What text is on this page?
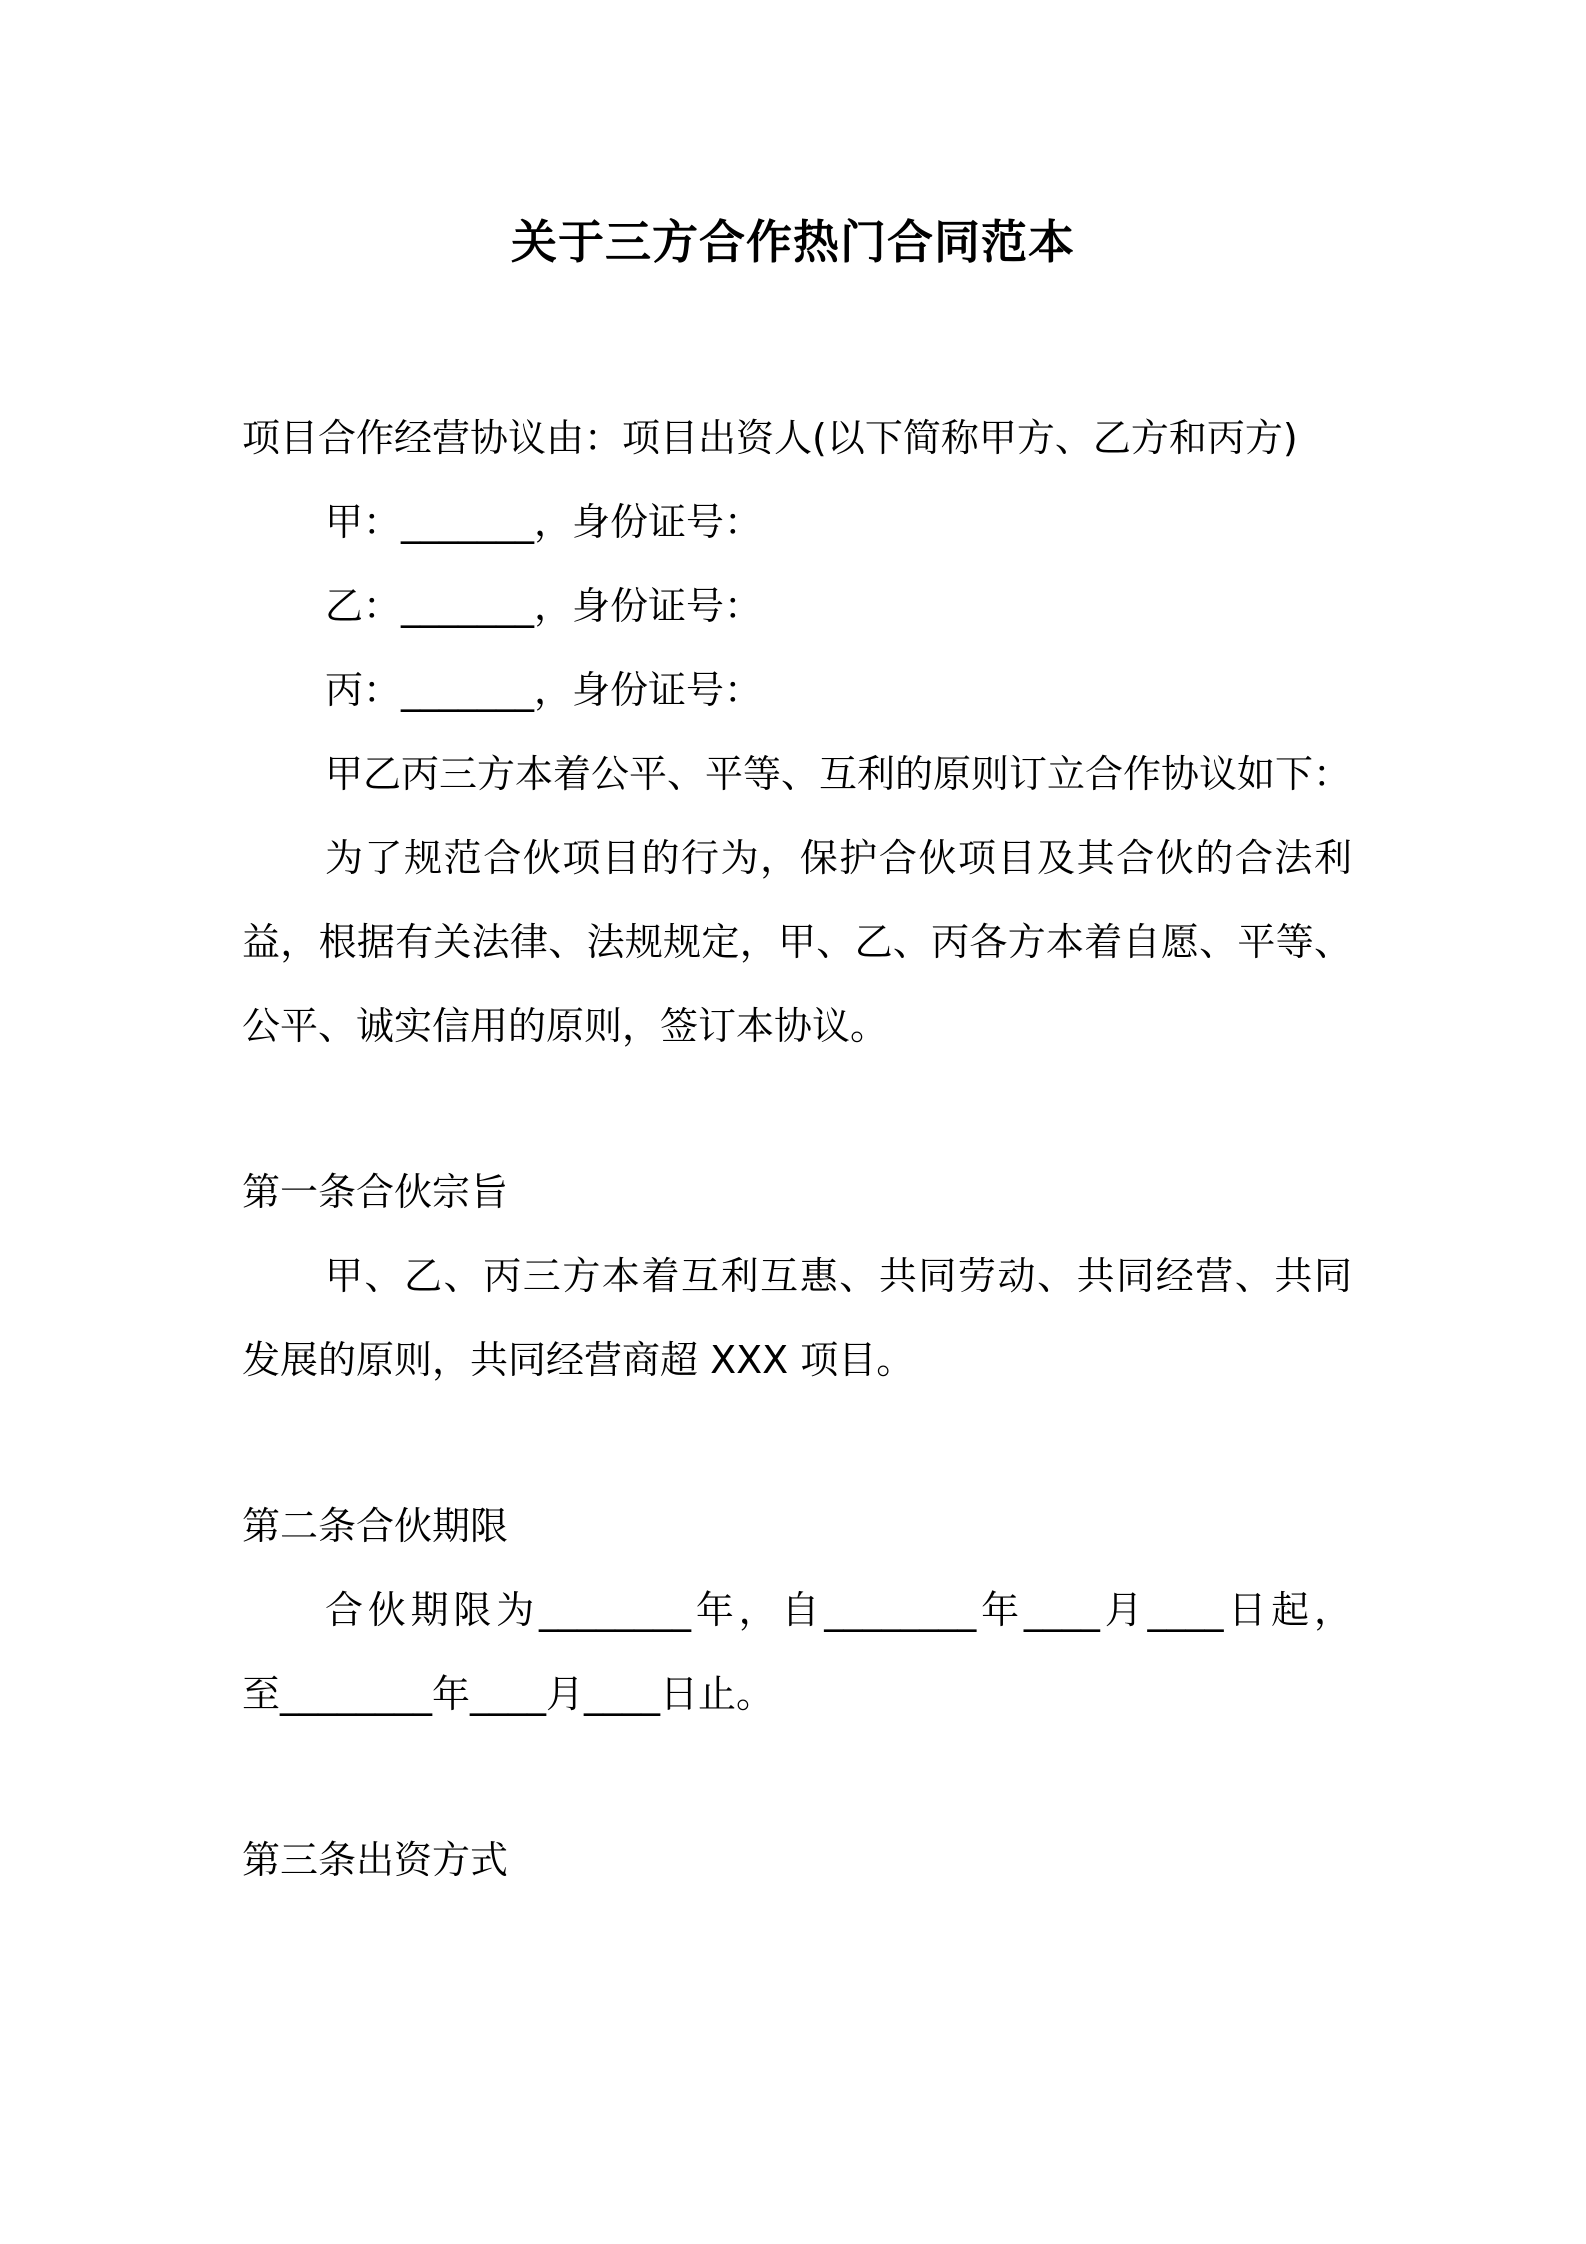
关于三方合作热门合同范本
项目合作经营协议由：项目出资人(以下简称甲方、乙方和丙方)
甲：_______，身份证号：
乙：_______，身份证号：
丙：_______，身份证号：
甲乙丙三方本着公平、平等、互利的原则订立合作协议如下：
为了规范合伙项目的行为，保护合伙项目及其合伙的合法利
益，根据有关法律、法规规定，甲、乙、丙各方本着自愿、平等、
公平、诚实信用的原则，签订本协议。
第一条合伙宗旨
甲、乙、丙三方本着互利互惠、共同劳动、共同经营、共同
发展的原则，共同经营商超 XXX 项目。
第二条合伙期限
合伙期限为________年，自________年____月____日起，
至________年____月____日止。
第三条出资方式
